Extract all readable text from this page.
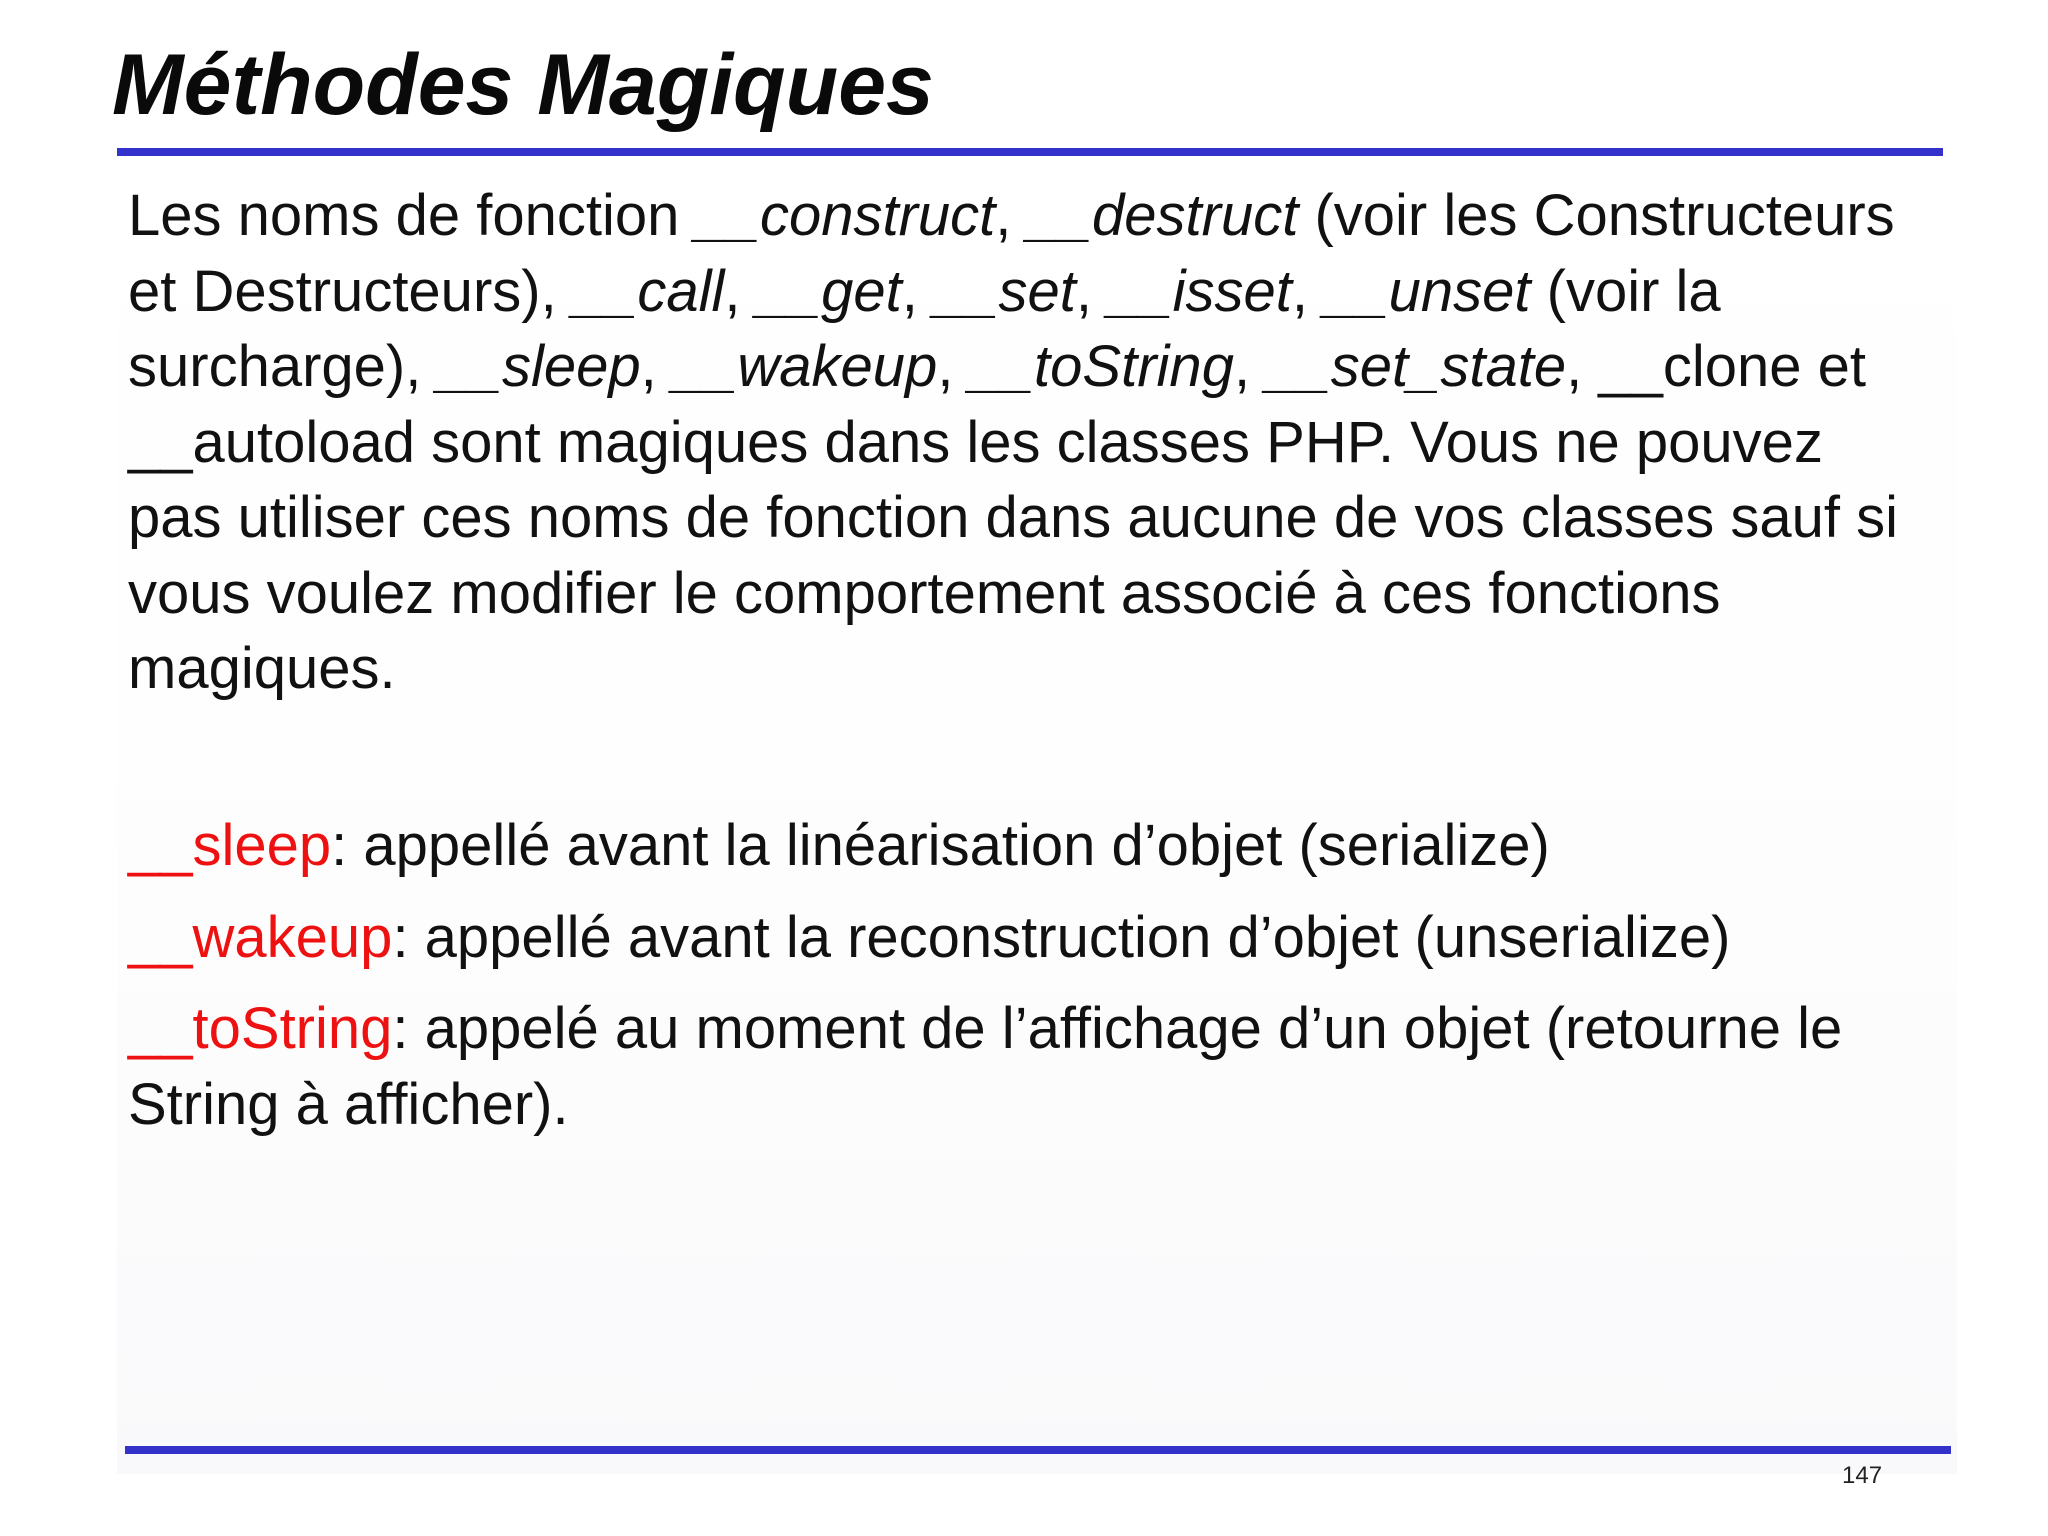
Méthodes Magiques

Les noms de fonction __construct, __destruct (voir les Constructeurs et Destructeurs), __call, __get, __set, __isset, __unset (voir la surcharge), __sleep, __wakeup, __toString, __set_state, __clone et __autoload sont magiques dans les classes PHP. Vous ne pouvez pas utiliser ces noms de fonction dans aucune de vos classes sauf si vous voulez modifier le comportement associé à ces fonctions magiques.

__sleep: appellé avant la linéarisation d’objet (serialize)

__wakeup: appellé avant la reconstruction d’objet (unserialize)

__toString: appelé au moment de l’affichage d’un objet (retourne le String à afficher).

147
